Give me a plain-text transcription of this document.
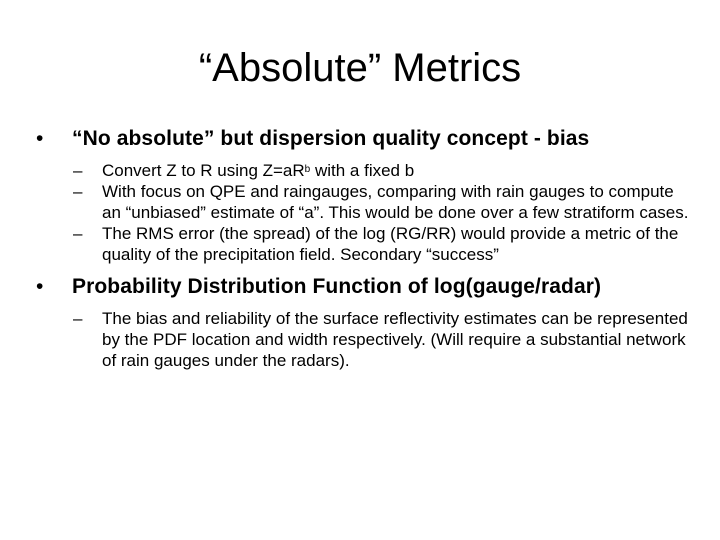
“Absolute” Metrics
• “No absolute” but dispersion quality concept - bias
– Convert Z to R using $Z=aR^b$ with a fixed b
– With focus on QPE and raingauges, comparing with rain gauges to compute an “unbiased” estimate of “a”. This would be done over a few stratiform cases.
– The RMS error (the spread) of the log (RG/RR) would provide a metric of the quality of the precipitation field. Secondary “success”
• Probability Distribution Function of log(gauge/radar)
– The bias and reliability of the surface reflectivity estimates can be represented by the PDF location and width respectively. (Will require a substantial network of rain gauges under the radars).
